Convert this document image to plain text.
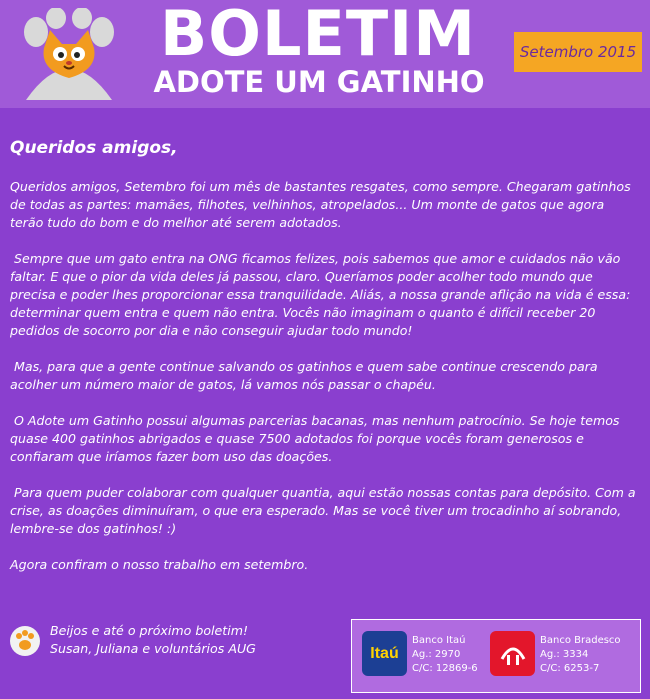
BOLETIM
ADOTE UM GATINHO
Setembro 2015
Queridos amigos,

Queridos amigos, Setembro foi um mês de bastantes resgates, como sempre. Chegaram gatinhos de todas as partes: mamães, filhotes, velhinhos, atropelados... Um monte de gatos que agora terão tudo do bom e do melhor até serem adotados.

Sempre que um gato entra na ONG ficamos felizes, pois sabemos que amor e cuidados não vão faltar. E que o pior da vida deles já passou, claro. Queríamos poder acolher todo mundo que precisa e poder lhes proporcionar essa tranquilidade. Aliás, a nossa grande aflição na vida é essa: determinar quem entra e quem não entra. Vocês não imaginam o quanto é difícil receber 20 pedidos de socorro por dia e não conseguir ajudar todo mundo!

Mas, para que a gente continue salvando os gatinhos e quem sabe continue crescendo para acolher um número maior de gatos, lá vamos nós passar o chapéu.

O Adote um Gatinho possui algumas parcerias bacanas, mas nenhum patrocínio. Se hoje temos quase 400 gatinhos abrigados e quase 7500 adotados foi porque vocês foram generosos e confiaram que iríamos fazer bom uso das doações.

Para quem puder colaborar com qualquer quantia, aqui estão nossas contas para depósito. Com a crise, as doações diminuíram, o que era esperado. Mas se você tiver um trocadinho aí sobrando, lembre-se dos gatinhos! :)

Agora confiram o nosso trabalho em setembro.

Beijos e até o próximo boletim!
Susan, Juliana e voluntários AUG	Itaú
Banco Itaú
Ag.: 2970
C/C: 12869-6
Banco Bradesco
Ag.: 3334
C/C: 6253-7
